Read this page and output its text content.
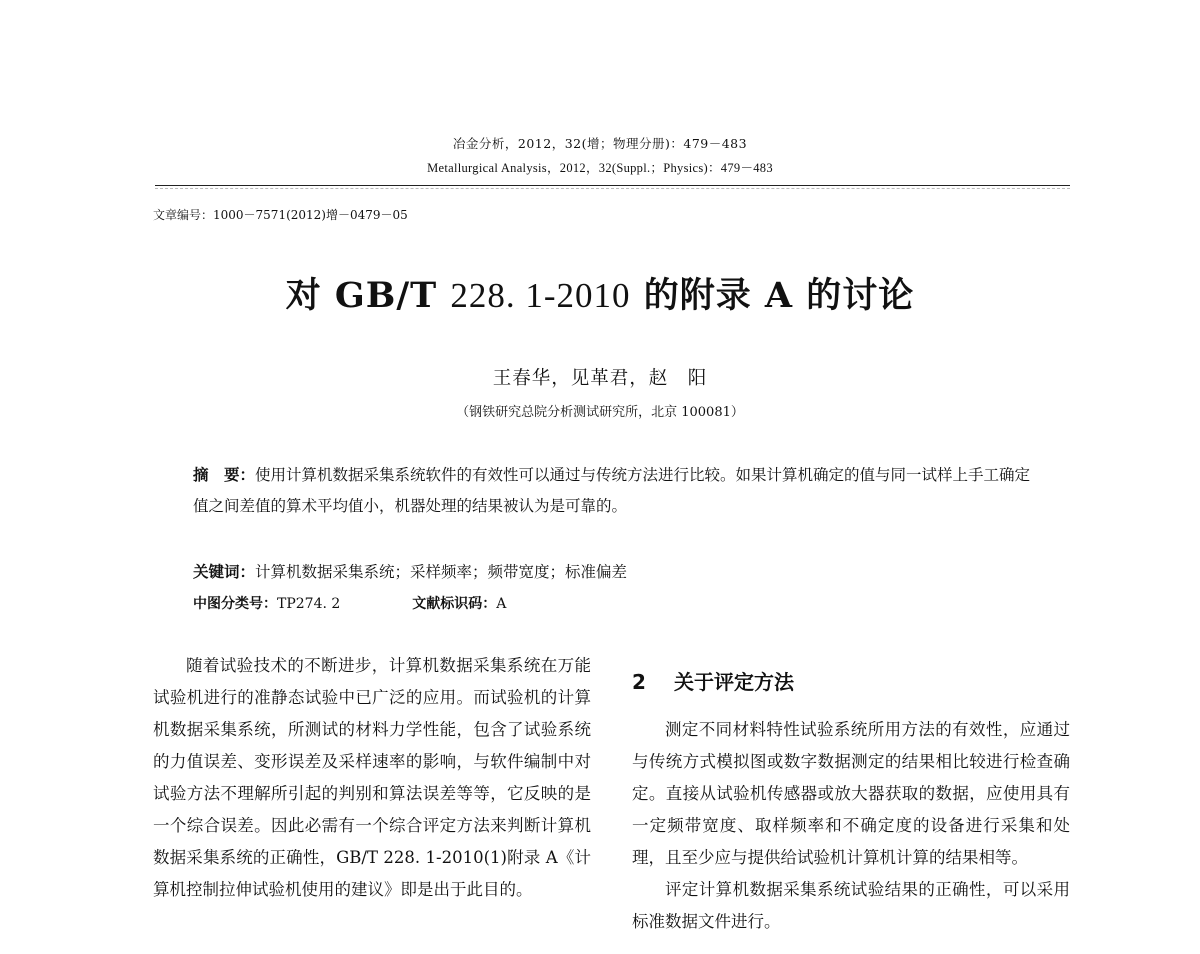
冶金分析，2012，32(增；物理分册)：479－483
Metallurgical Analysis，2012，32(Suppl.；Physics)：479－483
文章编号：1000－7571(2012)增－0479－05
对 GB/T 228. 1-2010 的附录 A 的讨论
王春华，见革君，赵　阳
（钢铁研究总院分析测试研究所，北京 100081）
摘　要：使用计算机数据采集系统软件的有效性可以通过与传统方法进行比较。如果计算机确定的值与同一试样上手工确定值之间差值的算术平均值小，机器处理的结果被认为是可靠的。
关键词：计算机数据采集系统；采样频率；频带宽度；标准偏差
中图分类号：TP274. 2	文献标识码：A

随着试验技术的不断进步，计算机数据采集系统在万能试验机进行的准静态试验中已广泛的应用。而试验机的计算机数据采集系统，所测试的材料力学性能，包含了试验系统的力值误差、变形误差及采样速率的影响，与软件编制中对试验方法不理解所引起的判别和算法误差等等，它反映的是一个综合误差。因此必需有一个综合评定方法来判断计算机数据采集系统的正确性，GB/T 228. 1-2010(1)附录 A《计算机控制拉伸试验机使用的建议》即是出于此目的。

2 关于评定方法

测定不同材料特性试验系统所用方法的有效性，应通过与传统方式模拟图或数字数据测定的结果相比较进行检查确定。直接从试验机传感器或放大器获取的数据，应使用具有一定频带宽度、取样频率和不确定度的设备进行采集和处理，且至少应与提供给试验机计算机计算的结果相等。

评定计算机数据采集系统试验结果的正确性，可以采用标准数据文件进行。
